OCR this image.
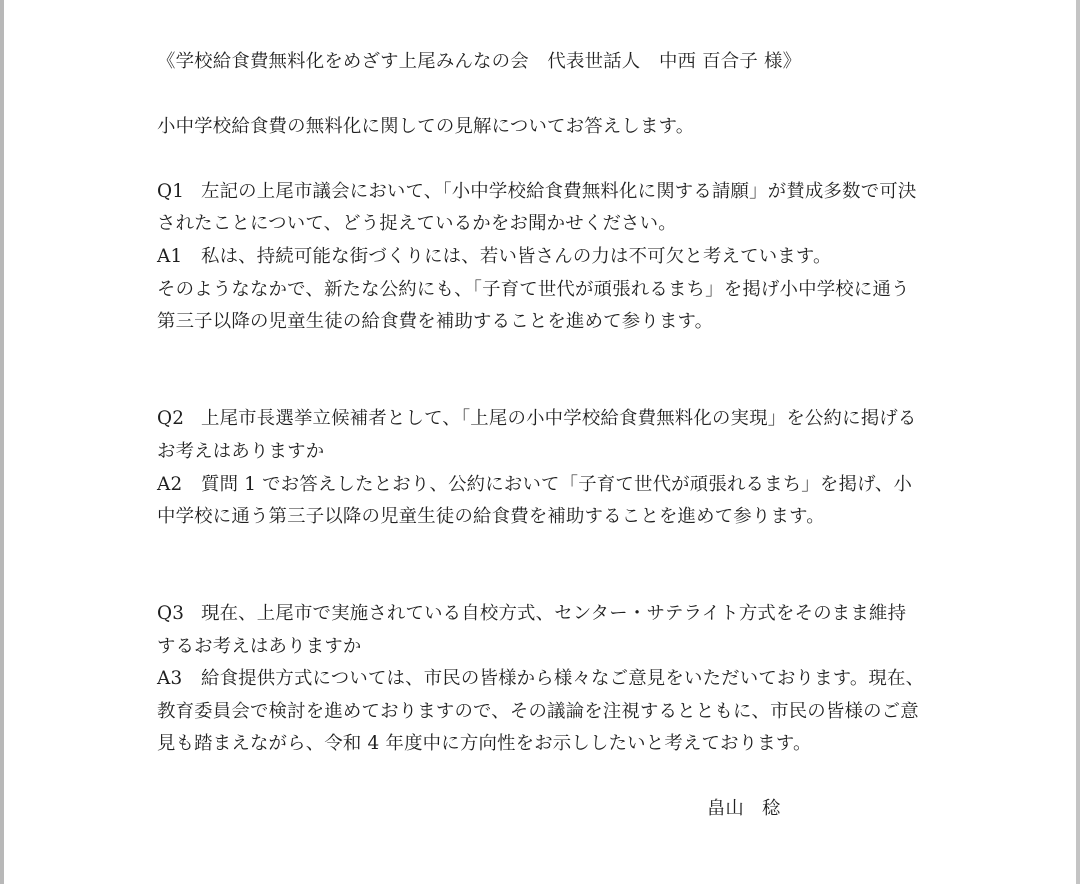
《学校給食費無料化をめざす上尾みんなの会　代表世話人　中西 百合子 様》
小中学校給食費の無料化に関しての見解についてお答えします。
Q1 左記の上尾市議会において、「小中学校給食費無料化に関する請願」が賛成多数で可決
されたことについて、どう捉えているかをお聞かせください。
A1 私は、持続可能な街づくりには、若い皆さんの力は不可欠と考えています。
そのようななかで、新たな公約にも、「子育て世代が頑張れるまち」を掲げ小中学校に通う
第三子以降の児童生徒の給食費を補助することを進めて参ります。
Q2 上尾市長選挙立候補者として、「上尾の小中学校給食費無料化の実現」を公約に掲げる
お考えはありますか
A2 質問 1 でお答えしたとおり、公約において「子育て世代が頑張れるまち」を掲げ、小
中学校に通う第三子以降の児童生徒の給食費を補助することを進めて参ります。
Q3 現在、上尾市で実施されている自校方式、センター・サテライト方式をそのまま維持
するお考えはありますか
A3 給食提供方式については、市民の皆様から様々なご意見をいただいております。現在、
教育委員会で検討を進めておりますので、その議論を注視するとともに、市民の皆様のご意
見も踏まえながら、令和 4 年度中に方向性をお示ししたいと考えております。
畠山　稔
